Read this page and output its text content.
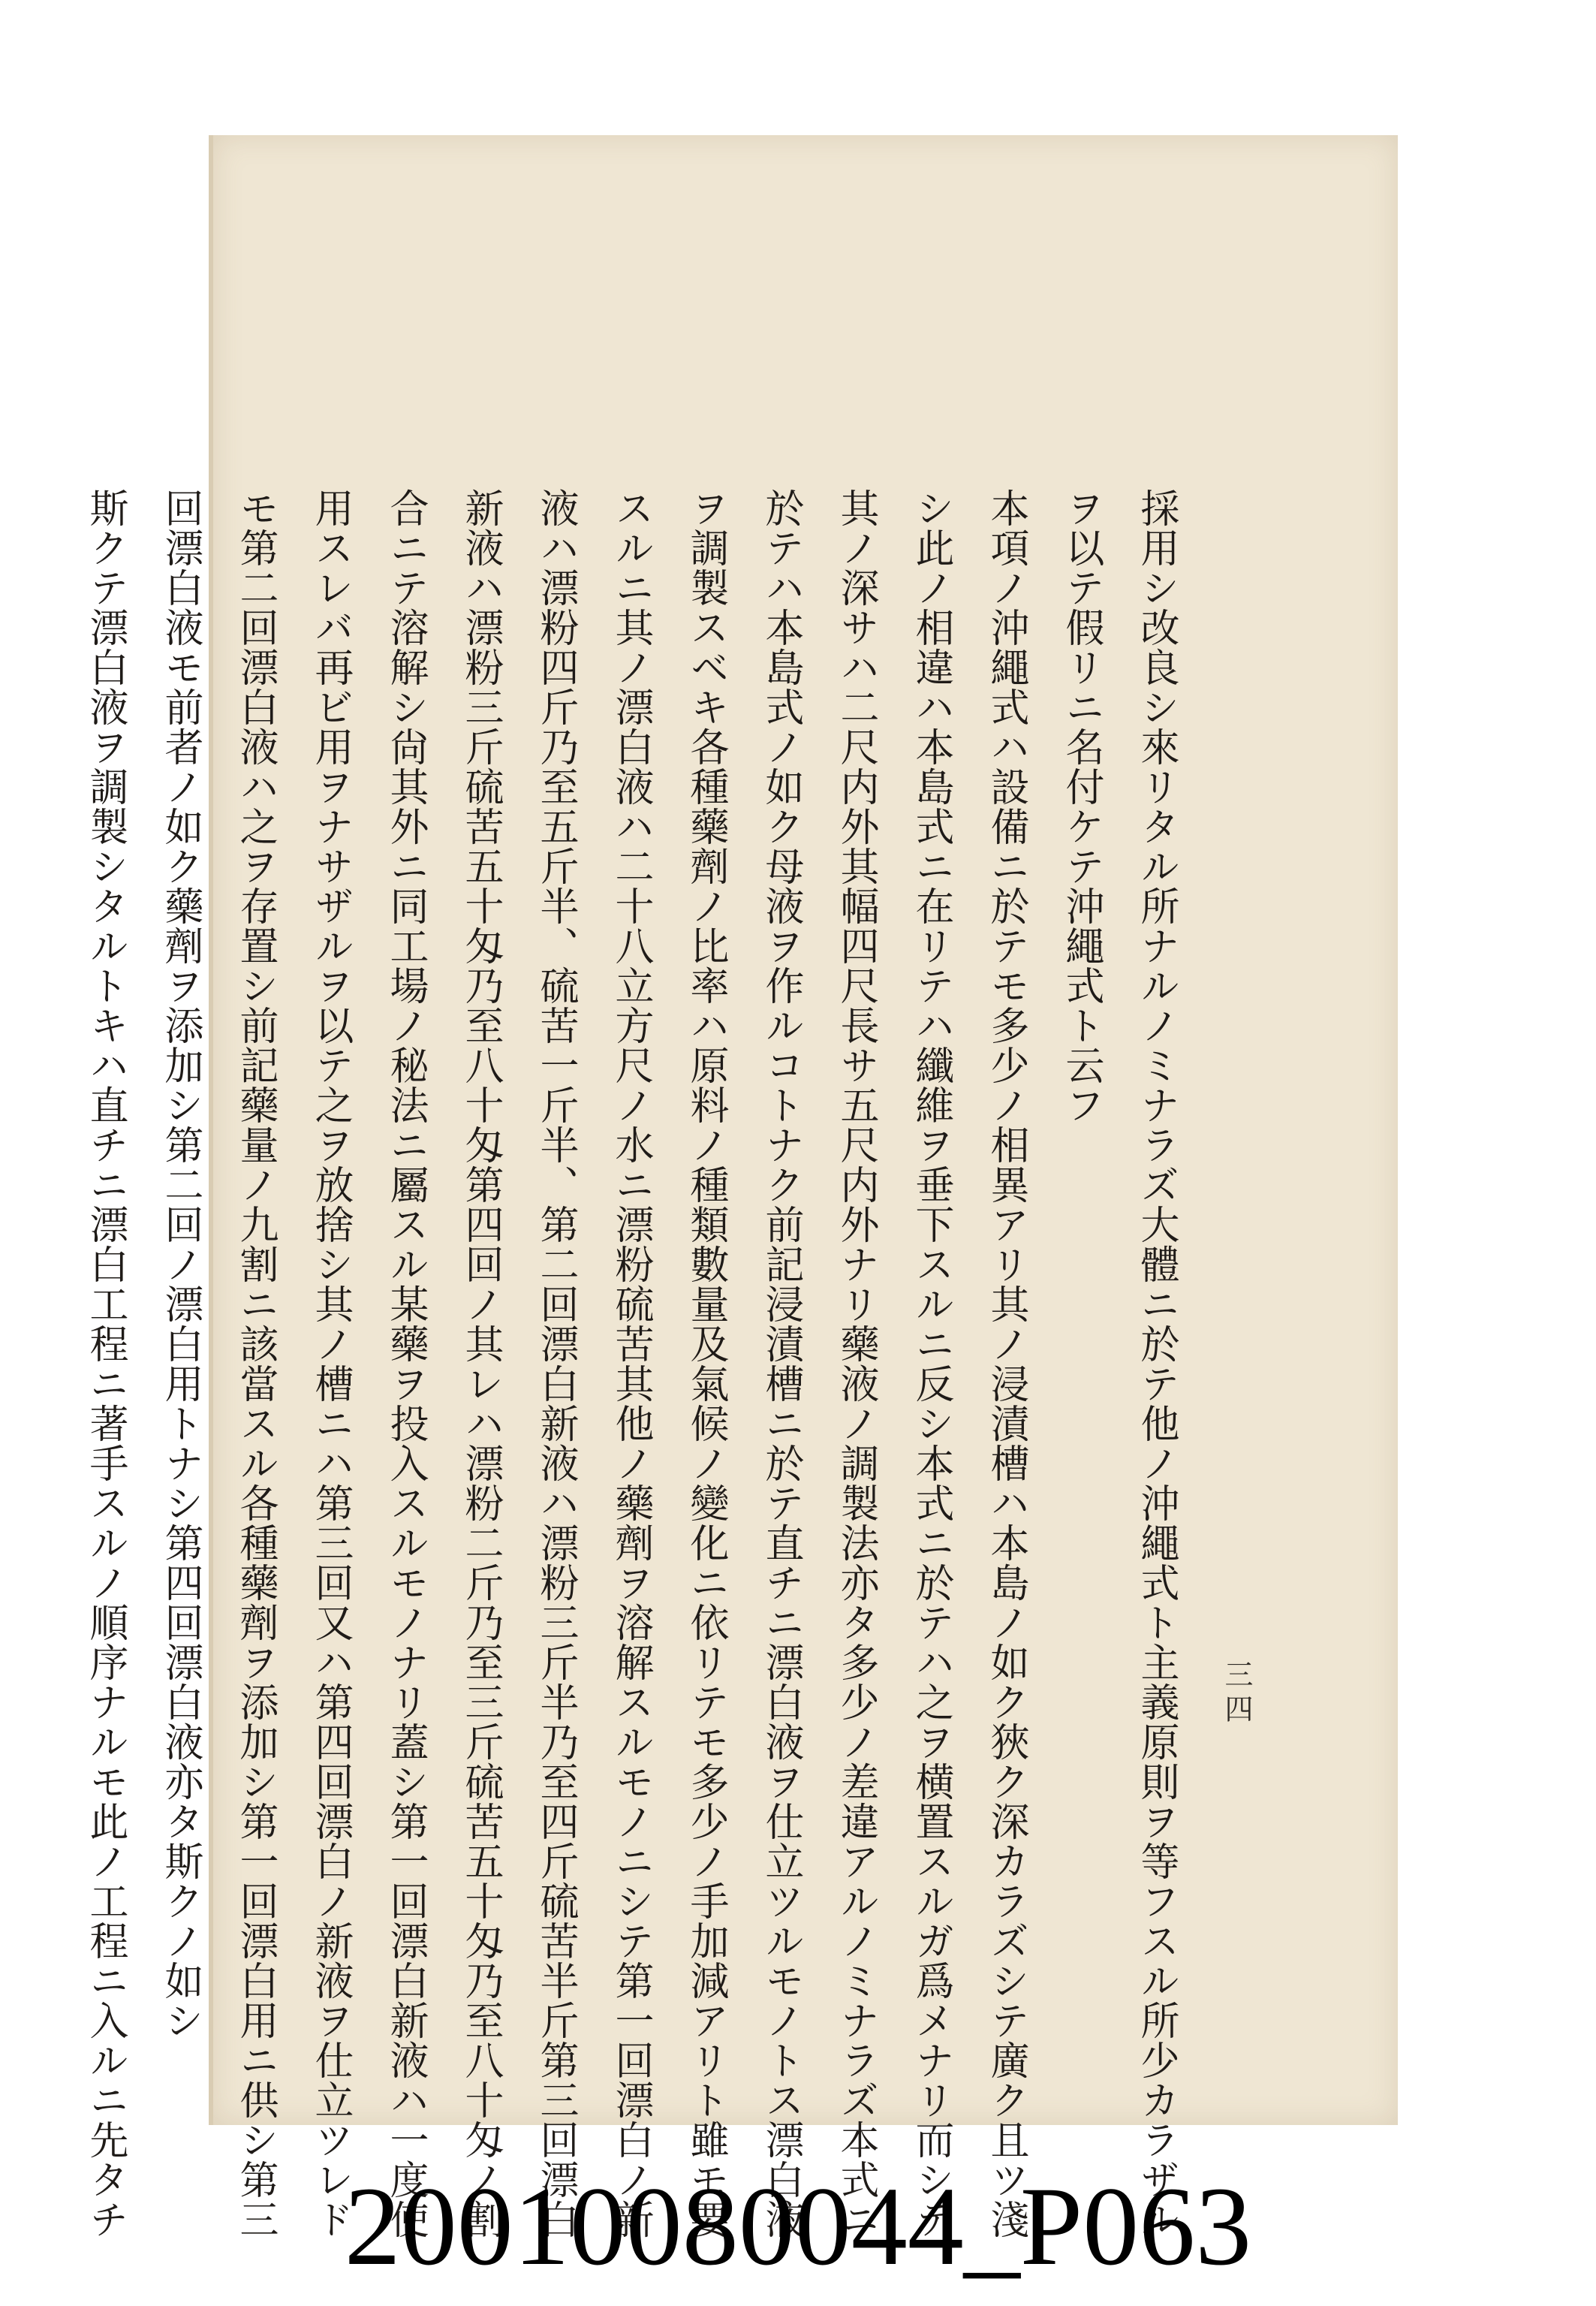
三四
採用シ改良シ來リタル所ナルノミナラズ大體ニ於テ他ノ沖繩式ト主義原則ヲ等フスル所少カラザル
ヲ以テ假リニ名付ケテ沖繩式ト云フ
本項ノ沖繩式ハ設備ニ於テモ多少ノ相異アリ其ノ浸漬槽ハ本島ノ如ク狹ク深カラズシテ廣ク且ツ淺
シ此ノ相違ハ本島式ニ在リテハ纖維ヲ垂下スルニ反シ本式ニ於テハ之ヲ横置スルガ爲メナリ而シテ
其ノ深サハ二尺内外其幅四尺長サ五尺内外ナリ藥液ノ調製法亦タ多少ノ差違アルノミナラズ本式ニ
於テハ本島式ノ如ク母液ヲ作ルコトナク前記浸漬槽ニ於テ直チニ漂白液ヲ仕立ツルモノトス漂白液
ヲ調製スベキ各種藥劑ノ比率ハ原料ノ種類數量及氣候ノ變化ニ依リテモ多少ノ手加減アリト雖モ要
スルニ其ノ漂白液ハ二十八立方尺ノ水ニ漂粉硫苦其他ノ藥劑ヲ溶解スルモノニシテ第一回漂白ノ新
液ハ漂粉四斤乃至五斤半、硫苦一斤半、第二回漂白新液ハ漂粉三斤半乃至四斤硫苦半斤第三回漂白
新液ハ漂粉三斤硫苦五十匁乃至八十匁第四回ノ其レハ漂粉二斤乃至三斤硫苦五十匁乃至八十匁ノ割
合ニテ溶解シ尙其外ニ同工場ノ秘法ニ屬スル某藥ヲ投入スルモノナリ蓋シ第一回漂白新液ハ一度使
用スレバ再ビ用ヲナサザルヲ以テ之ヲ放捨シ其ノ槽ニハ第三回又ハ第四回漂白ノ新液ヲ仕立ツレド
モ第二回漂白液ハ之ヲ存置シ前記藥量ノ九割ニ該當スル各種藥劑ヲ添加シ第一回漂白用ニ供シ第三
回漂白液モ前者ノ如ク藥劑ヲ添加シ第二回ノ漂白用トナシ第四回漂白液亦タ斯クノ如シ
斯クテ漂白液ヲ調製シタルトキハ直チニ漂白工程ニ著手スルノ順序ナルモ此ノ工程ニ入ルニ先タチ	20010080044_P063
